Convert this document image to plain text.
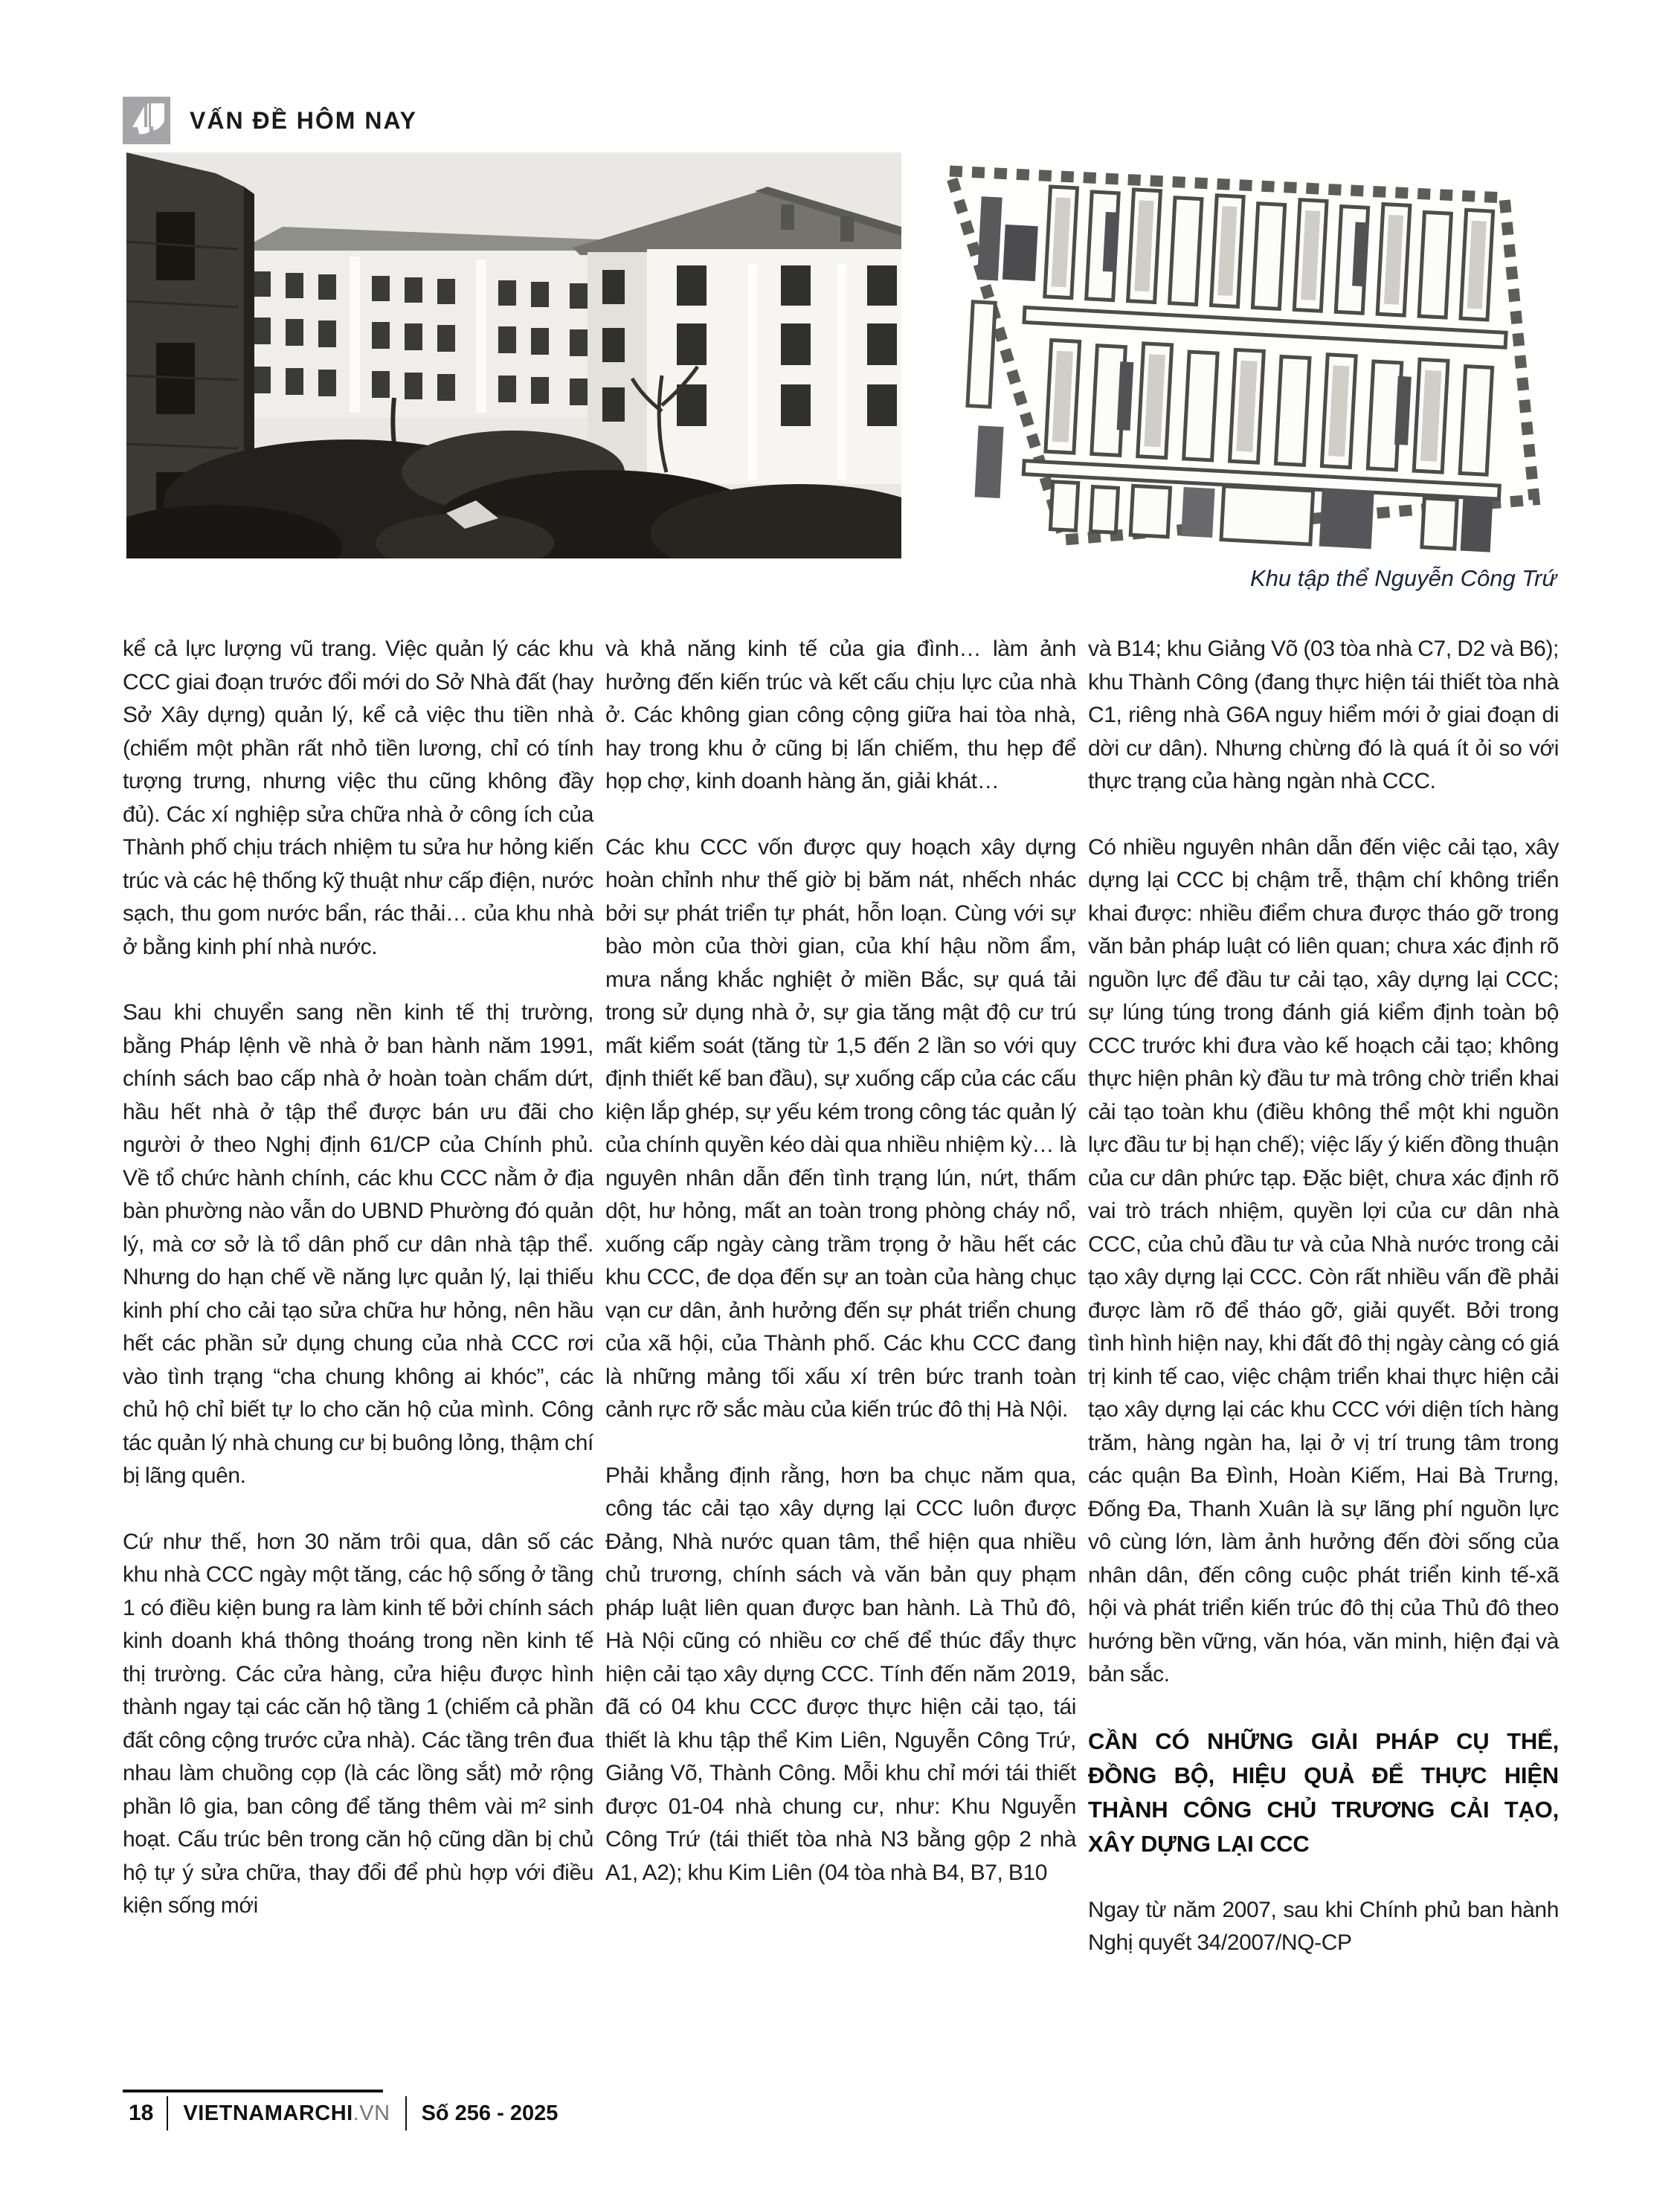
VẤN ĐỀ HÔM NAY
Khu tập thể Nguyễn Công Trứ

kể cả lực lượng vũ trang. Việc quản lý các khu CCC giai đoạn trước đổi mới do Sở Nhà đất (hay Sở Xây dựng) quản lý, kể cả việc thu tiền nhà (chiếm một phần rất nhỏ tiền lương, chỉ có tính tượng trưng, nhưng việc thu cũng không đầy đủ). Các xí nghiệp sửa chữa nhà ở công ích của Thành phố chịu trách nhiệm tu sửa hư hỏng kiến trúc và các hệ thống kỹ thuật như cấp điện, nước sạch, thu gom nước bẩn, rác thải… của khu nhà ở bằng kinh phí nhà nước.

Sau khi chuyển sang nền kinh tế thị trường, bằng Pháp lệnh về nhà ở ban hành năm 1991, chính sách bao cấp nhà ở hoàn toàn chấm dứt, hầu hết nhà ở tập thể được bán ưu đãi cho người ở theo Nghị định 61/CP của Chính phủ. Về tổ chức hành chính, các khu CCC nằm ở địa bàn phường nào vẫn do UBND Phường đó quản lý, mà cơ sở là tổ dân phố cư dân nhà tập thể. Nhưng do hạn chế về năng lực quản lý, lại thiếu kinh phí cho cải tạo sửa chữa hư hỏng, nên hầu hết các phần sử dụng chung của nhà CCC rơi vào tình trạng “cha chung không ai khóc”, các chủ hộ chỉ biết tự lo cho căn hộ của mình. Công tác quản lý nhà chung cư bị buông lỏng, thậm chí bị lãng quên.

Cứ như thế, hơn 30 năm trôi qua, dân số các khu nhà CCC ngày một tăng, các hộ sống ở tầng 1 có điều kiện bung ra làm kinh tế bởi chính sách kinh doanh khá thông thoáng trong nền kinh tế thị trường. Các cửa hàng, cửa hiệu được hình thành ngay tại các căn hộ tầng 1 (chiếm cả phần đất công cộng trước cửa nhà). Các tầng trên đua nhau làm chuồng cọp (là các lồng sắt) mở rộng phần lô gia, ban công để tăng thêm vài m² sinh hoạt. Cấu trúc bên trong căn hộ cũng dần bị chủ hộ tự ý sửa chữa, thay đổi để phù hợp với điều kiện sống mới

và khả năng kinh tế của gia đình… làm ảnh hưởng đến kiến trúc và kết cấu chịu lực của nhà ở. Các không gian công cộng giữa hai tòa nhà, hay trong khu ở cũng bị lấn chiếm, thu hẹp để họp chợ, kinh doanh hàng ăn, giải khát…

Các khu CCC vốn được quy hoạch xây dựng hoàn chỉnh như thế giờ bị băm nát, nhếch nhác bởi sự phát triển tự phát, hỗn loạn. Cùng với sự bào mòn của thời gian, của khí hậu nồm ẩm, mưa nắng khắc nghiệt ở miền Bắc, sự quá tải trong sử dụng nhà ở, sự gia tăng mật độ cư trú mất kiểm soát (tăng từ 1,5 đến 2 lần so với quy định thiết kế ban đầu), sự xuống cấp của các cấu kiện lắp ghép, sự yếu kém trong công tác quản lý của chính quyền kéo dài qua nhiều nhiệm kỳ… là nguyên nhân dẫn đến tình trạng lún, nứt, thấm dột, hư hỏng, mất an toàn trong phòng cháy nổ, xuống cấp ngày càng trầm trọng ở hầu hết các khu CCC, đe dọa đến sự an toàn của hàng chục vạn cư dân, ảnh hưởng đến sự phát triển chung của xã hội, của Thành phố. Các khu CCC đang là những mảng tối xấu xí trên bức tranh toàn cảnh rực rỡ sắc màu của kiến trúc đô thị Hà Nội.

Phải khẳng định rằng, hơn ba chục năm qua, công tác cải tạo xây dựng lại CCC luôn được Đảng, Nhà nước quan tâm, thể hiện qua nhiều chủ trương, chính sách và văn bản quy phạm pháp luật liên quan được ban hành. Là Thủ đô, Hà Nội cũng có nhiều cơ chế để thúc đẩy thực hiện cải tạo xây dựng CCC. Tính đến năm 2019, đã có 04 khu CCC được thực hiện cải tạo, tái thiết là khu tập thể Kim Liên, Nguyễn Công Trứ, Giảng Võ, Thành Công. Mỗi khu chỉ mới tái thiết được 01-04 nhà chung cư, như: Khu Nguyễn Công Trứ (tái thiết tòa nhà N3 bằng gộp 2 nhà A1, A2); khu Kim Liên (04 tòa nhà B4, B7, B10

và B14; khu Giảng Võ (03 tòa nhà C7, D2 và B6); khu Thành Công (đang thực hiện tái thiết tòa nhà C1, riêng nhà G6A nguy hiểm mới ở giai đoạn di dời cư dân). Nhưng chừng đó là quá ít ỏi so với thực trạng của hàng ngàn nhà CCC.

Có nhiều nguyên nhân dẫn đến việc cải tạo, xây dựng lại CCC bị chậm trễ, thậm chí không triển khai được: nhiều điểm chưa được tháo gỡ trong văn bản pháp luật có liên quan; chưa xác định rõ nguồn lực để đầu tư cải tạo, xây dựng lại CCC; sự lúng túng trong đánh giá kiểm định toàn bộ CCC trước khi đưa vào kế hoạch cải tạo; không thực hiện phân kỳ đầu tư mà trông chờ triển khai cải tạo toàn khu (điều không thể một khi nguồn lực đầu tư bị hạn chế); việc lấy ý kiến đồng thuận của cư dân phức tạp. Đặc biệt, chưa xác định rõ vai trò trách nhiệm, quyền lợi của cư dân nhà CCC, của chủ đầu tư và của Nhà nước trong cải tạo xây dựng lại CCC. Còn rất nhiều vấn đề phải được làm rõ để tháo gỡ, giải quyết. Bởi trong tình hình hiện nay, khi đất đô thị ngày càng có giá trị kinh tế cao, việc chậm triển khai thực hiện cải tạo xây dựng lại các khu CCC với diện tích hàng trăm, hàng ngàn ha, lại ở vị trí trung tâm trong các quận Ba Đình, Hoàn Kiếm, Hai Bà Trưng, Đống Đa, Thanh Xuân là sự lãng phí nguồn lực vô cùng lớn, làm ảnh hưởng đến đời sống của nhân dân, đến công cuộc phát triển kinh tế-xã hội và phát triển kiến trúc đô thị của Thủ đô theo hướng bền vững, văn hóa, văn minh, hiện đại và bản sắc.

CẦN CÓ NHỮNG GIẢI PHÁP CỤ THỂ, ĐỒNG BỘ, HIỆU QUẢ ĐỂ THỰC HIỆN THÀNH CÔNG CHỦ TRƯƠNG CẢI TẠO, XÂY DỰNG LẠI CCC

Ngay từ năm 2007, sau khi Chính phủ ban hành Nghị quyết 34/2007/NQ-CP

18	VIETNAMARCHI.VN	Số 256 - 2025
